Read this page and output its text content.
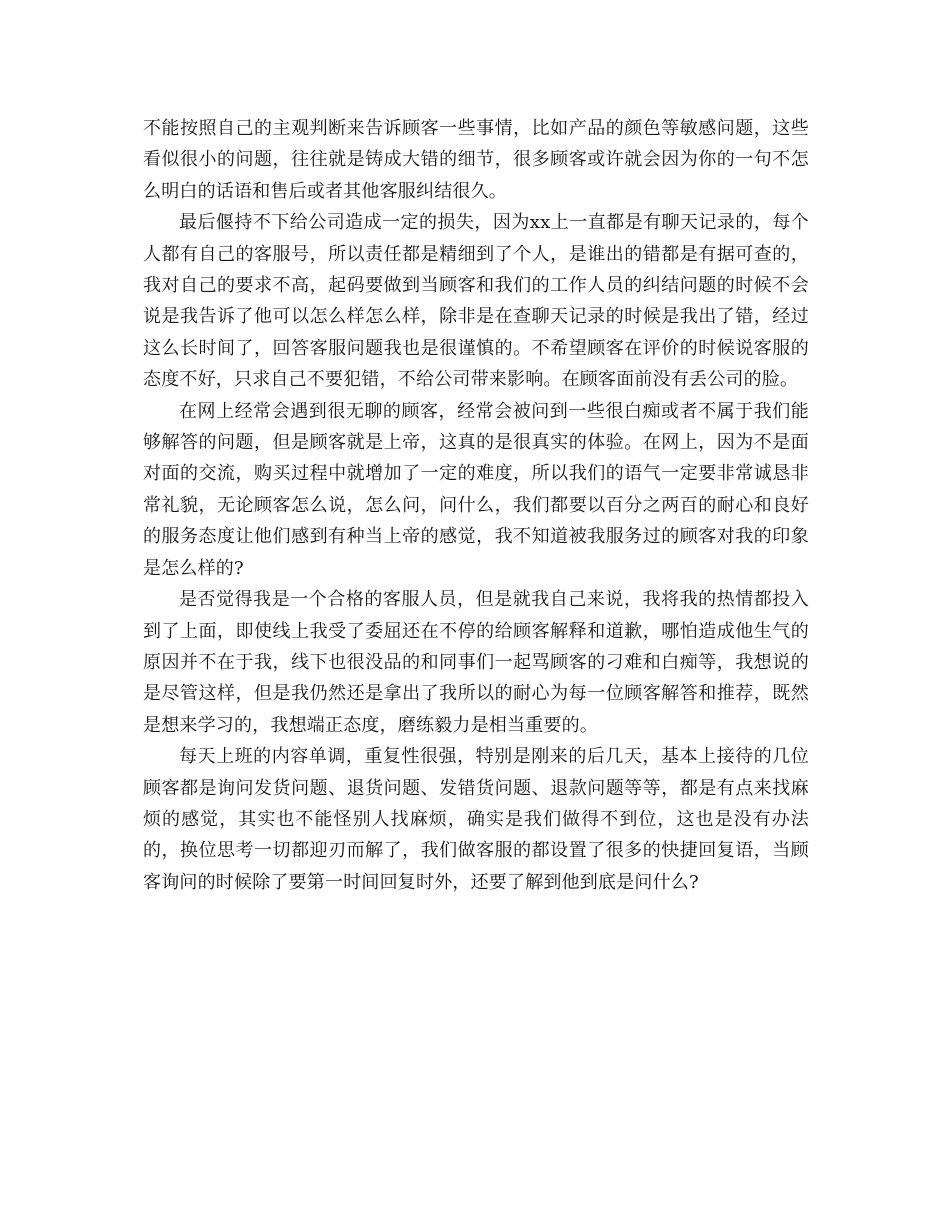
不能按照自己的主观判断来告诉顾客一些事情，比如产品的颜色等敏感问题，这些看似很小的问题，往往就是铸成大错的细节，很多顾客或许就会因为你的一句不怎么明白的话语和售后或者其他客服纠结很久。

最后偃持不下给公司造成一定的损失，因为xx上一直都是有聊天记录的，每个人都有自己的客服号，所以责任都是精细到了个人，是谁出的错都是有据可查的，我对自己的要求不高，起码要做到当顾客和我们的工作人员的纠结问题的时候不会说是我告诉了他可以怎么样怎么样，除非是在查聊天记录的时候是我出了错，经过这么长时间了，回答客服问题我也是很谨慎的。不希望顾客在评价的时候说客服的态度不好，只求自己不要犯错，不给公司带来影响。在顾客面前没有丢公司的脸。

在网上经常会遇到很无聊的顾客，经常会被问到一些很白痴或者不属于我们能够解答的问题，但是顾客就是上帝，这真的是很真实的体验。在网上，因为不是面对面的交流，购买过程中就增加了一定的难度，所以我们的语气一定要非常诚恳非常礼貌，无论顾客怎么说，怎么问，问什么，我们都要以百分之两百的耐心和良好的服务态度让他们感到有种当上帝的感觉，我不知道被我服务过的顾客对我的印象是怎么样的?

是否觉得我是一个合格的客服人员，但是就我自己来说，我将我的热情都投入到了上面，即使线上我受了委屈还在不停的给顾客解释和道歉，哪怕造成他生气的原因并不在于我，线下也很没品的和同事们一起骂顾客的刁难和白痴等，我想说的是尽管这样，但是我仍然还是拿出了我所以的耐心为每一位顾客解答和推荐，既然是想来学习的，我想端正态度，磨练毅力是相当重要的。

每天上班的内容单调，重复性很强，特别是刚来的后几天，基本上接待的几位顾客都是询问发货问题、退货问题、发错货问题、退款问题等等，都是有点来找麻烦的感觉，其实也不能怪别人找麻烦，确实是我们做得不到位，这也是没有办法的，换位思考一切都迎刃而解了，我们做客服的都设置了很多的快捷回复语，当顾客询问的时候除了要第一时间回复时外，还要了解到他到底是问什么?
